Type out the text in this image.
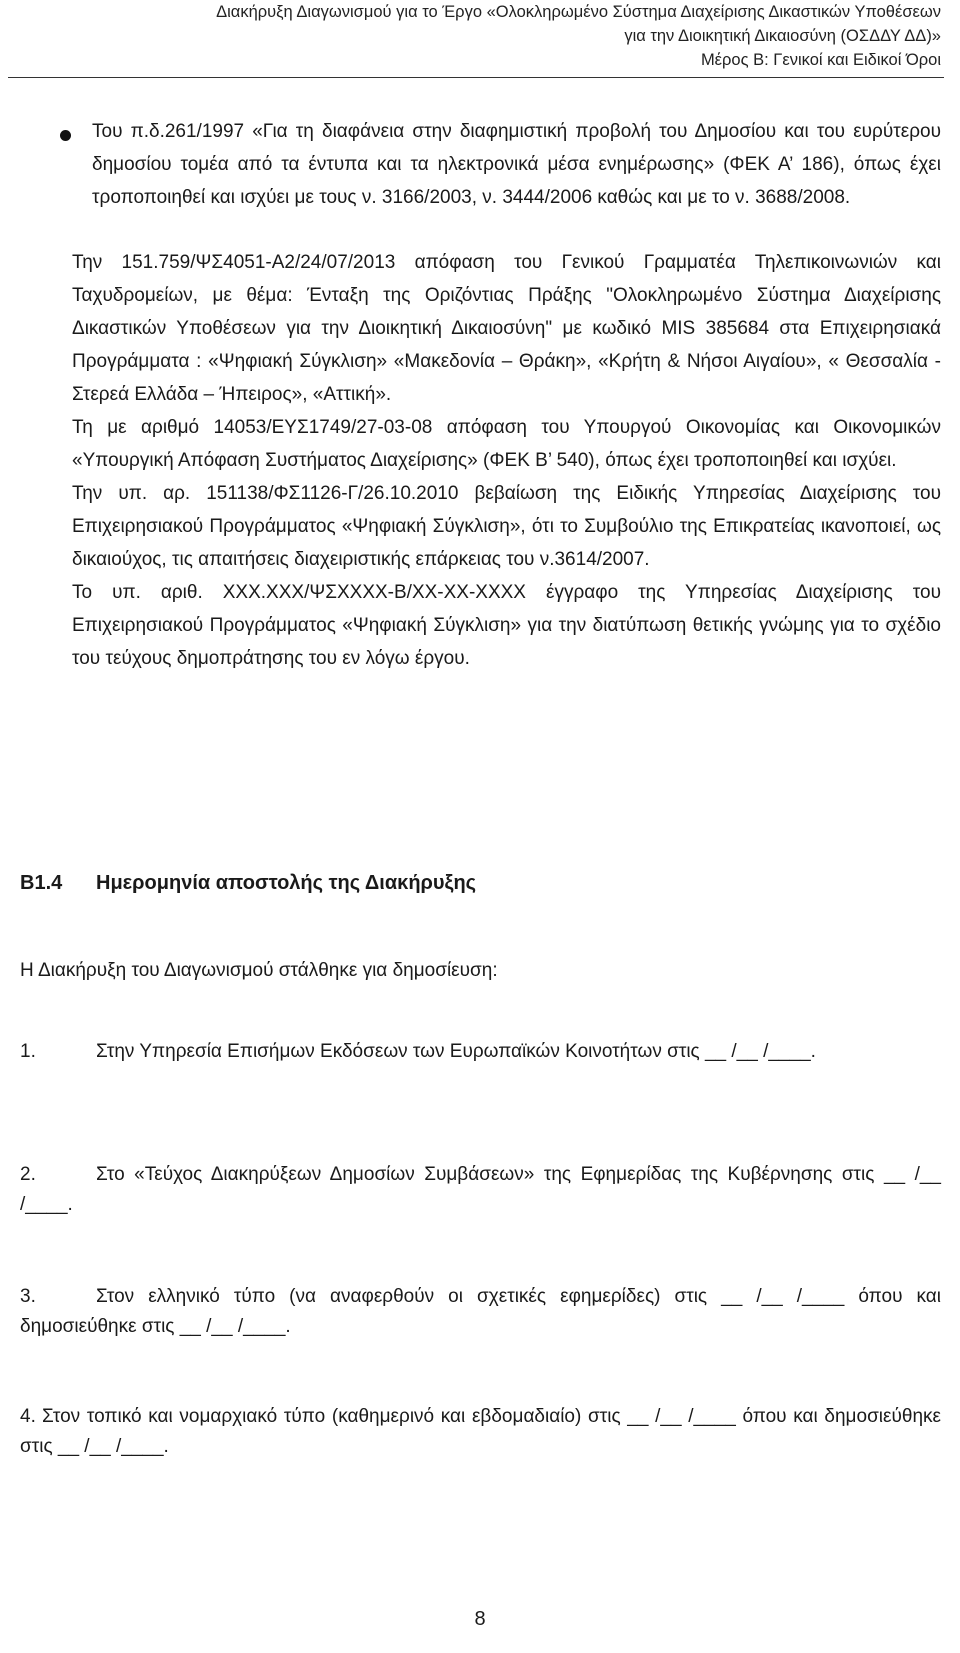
Διακήρυξη Διαγωνισμού για το Έργο «Ολοκληρωμένο Σύστημα Διαχείρισης Δικαστικών Υποθέσεων
για την Διοικητική Δικαιοσύνη (ΟΣΔΔΥ ΔΔ)»
Μέρος Β: Γενικοί και Ειδικοί Όροι

Του π.δ.261/1997 «Για τη διαφάνεια στην διαφημιστική προβολή του Δημοσίου και του ευρύτερου δημοσίου τομέα από τα έντυπα και τα ηλεκτρονικά μέσα ενημέρωσης» (ΦΕΚ Α’ 186), όπως έχει τροποποιηθεί και ισχύει με τους ν. 3166/2003, ν. 3444/2006 καθώς και με το ν. 3688/2008.

Την 151.759/ΨΣ4051-Α2/24/07/2013 απόφαση του Γενικού Γραμματέα Τηλεπικοινωνιών και Ταχυδρομείων, με θέμα: Ένταξη της Οριζόντιας Πράξης "Ολοκληρωμένο Σύστημα Διαχείρισης Δικαστικών Υποθέσεων για την Διοικητική Δικαιοσύνη" με κωδικό MIS 385684 στα Επιχειρησιακά Προγράμματα : «Ψηφιακή Σύγκλιση» «Μακεδονία – Θράκη», «Κρήτη & Νήσοι Αιγαίου», « Θεσσαλία - Στερεά Ελλάδα – Ήπειρος», «Αττική».

Τη με αριθμό 14053/ΕΥΣ1749/27-03-08 απόφαση του Υπουργού Οικονομίας και Οικονομικών «Υπουργική Απόφαση Συστήματος Διαχείρισης» (ΦΕΚ Β’ 540), όπως έχει τροποποιηθεί και ισχύει.

Την υπ. αρ. 151138/ΦΣ1126-Γ/26.10.2010 βεβαίωση της Ειδικής Υπηρεσίας Διαχείρισης του Επιχειρησιακού Προγράμματος «Ψηφιακή Σύγκλιση», ότι το Συμβούλιο της Επικρατείας ικανοποιεί, ως δικαιούχος, τις απαιτήσεις διαχειριστικής επάρκειας του ν.3614/2007.

Το υπ. αριθ. XXX.XXX/ΨΣXXXX-Β/XX-XX-XXXX έγγραφο της Υπηρεσίας Διαχείρισης του Επιχειρησιακού Προγράμματος «Ψηφιακή Σύγκλιση» για την διατύπωση θετικής γνώμης για το σχέδιο του τεύχους δημοπράτησης του εν λόγω έργου.

Β1.4 Ημερομηνία αποστολής της Διακήρυξης
Η Διακήρυξη του Διαγωνισμού στάλθηκε για δημοσίευση:

1.	Στην Υπηρεσία Επισήμων Εκδόσεων των Ευρωπαϊκών Κοινοτήτων στις __ /__ /____.

2.	Στο «Τεύχος Διακηρύξεων Δημοσίων Συμβάσεων» της Εφημερίδας της Κυβέρνησης στις __ /__ /____.

3.	Στον ελληνικό τύπο (να αναφερθούν οι σχετικές εφημερίδες) στις __ /__ /____ όπου και δημοσιεύθηκε στις __ /__ /____.

4. Στον τοπικό και νομαρχιακό τύπο (καθημερινό και εβδομαδιαίο) στις __ /__ /____ όπου και δημοσιεύθηκε στις __ /__ /____.

8
